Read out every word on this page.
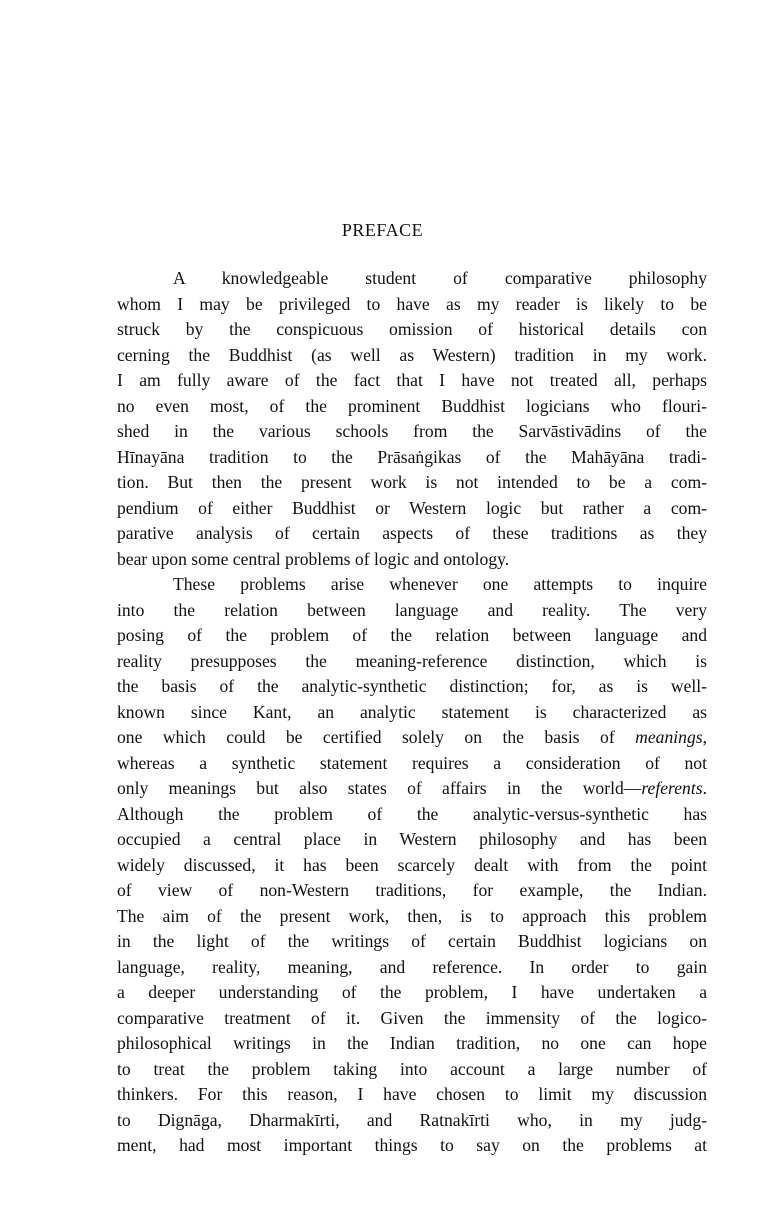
PREFACE
A knowledgeable student of comparative philosophy
whom I may be privileged to have as my reader is likely to be
struck by the conspicuous omission of historical details con
cerning the Buddhist (as well as Western) tradition in my work.
I am fully aware of the fact that I have not treated all, perhaps
no even most, of the prominent Buddhist logicians who flouri-
shed in the various schools from the Sarvāstivādins of the
Hīnayāna tradition to the Prāsaṅgikas of the Mahāyāna tradi-
tion. But then the present work is not intended to be a com-
pendium of either Buddhist or Western logic but rather a com-
parative analysis of certain aspects of these traditions as they
bear upon some central problems of logic and ontology.
These problems arise whenever one attempts to inquire
into the relation between language and reality. The very
posing of the problem of the relation between language and
reality presupposes the meaning-reference distinction, which is
the basis of the analytic-synthetic distinction; for, as is well-
known since Kant, an analytic statement is characterized as
one which could be certified solely on the basis of meanings,
whereas a synthetic statement requires a consideration of not
only meanings but also states of affairs in the world—referents.
Although the problem of the analytic-versus-synthetic has
occupied a central place in Western philosophy and has been
widely discussed, it has been scarcely dealt with from the point
of view of non-Western traditions, for example, the Indian.
The aim of the present work, then, is to approach this problem
in the light of the writings of certain Buddhist logicians on
language, reality, meaning, and reference. In order to gain
a deeper understanding of the problem, I have undertaken a
comparative treatment of it. Given the immensity of the logico-
philosophical writings in the Indian tradition, no one can hope
to treat the problem taking into account a large number of
thinkers. For this reason, I have chosen to limit my discussion
to Dignāga, Dharmakīrti, and Ratnakīrti who, in my judg-
ment, had most important things to say on the problems at
